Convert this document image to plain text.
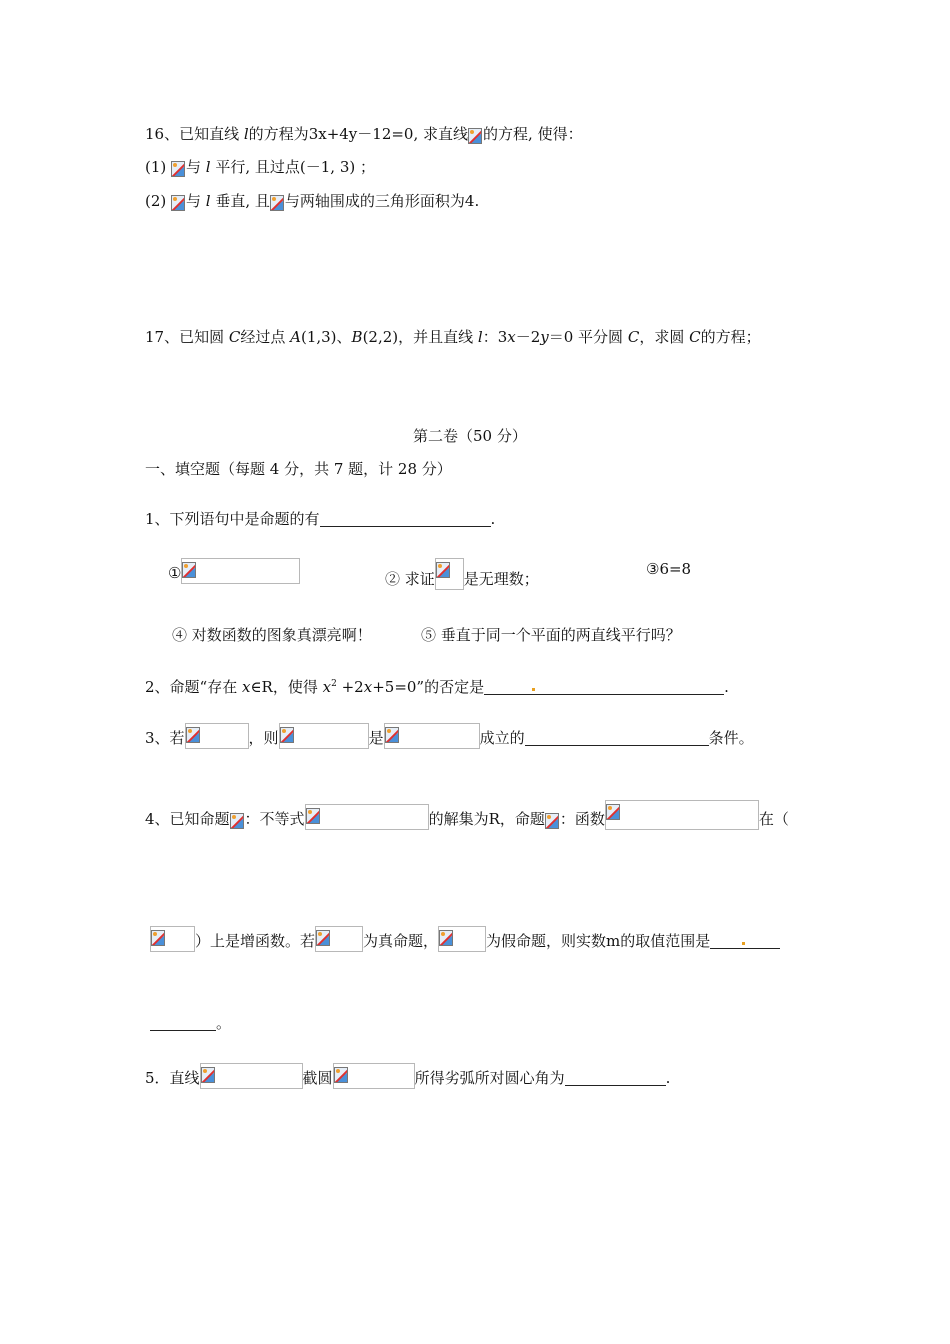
16、已知直线 l的方程为3x+4y－12=0, 求直线 的方程, 使得：
(1)
与 l 平行, 且过点(－1, 3) ；
(2)
与 l 垂直, 且 与两轴围成的三角形面积为4.
17、已知圆 C经过点 A(1,3)、B(2,2)，并且直线 l：3x－2y＝0 平分圆 C，求圆 C的方程；
第二卷（50 分）
一、填空题（每题 4 分，共 7 题，计 28 分）
1、下列语句中是命题的有	.
①	② 求证 是无理数；
③6=8
④ 对数函数的图象真漂亮啊！	⑤ 垂直于同一个平面的两直线平行吗？
2、命题“存在 x∈R，使得 $x^2 +2x+5=0$”的否定是	.
3、若	，则	是	成立的	条件。
4、已知命题 ：不等式	的解集为R，命题 ：函数	在（
）上是增函数。若	为真命题，	为假命题，则实数m的取值范围是
。
5．直线	截圆	所得劣弧所对圆心角为	.
